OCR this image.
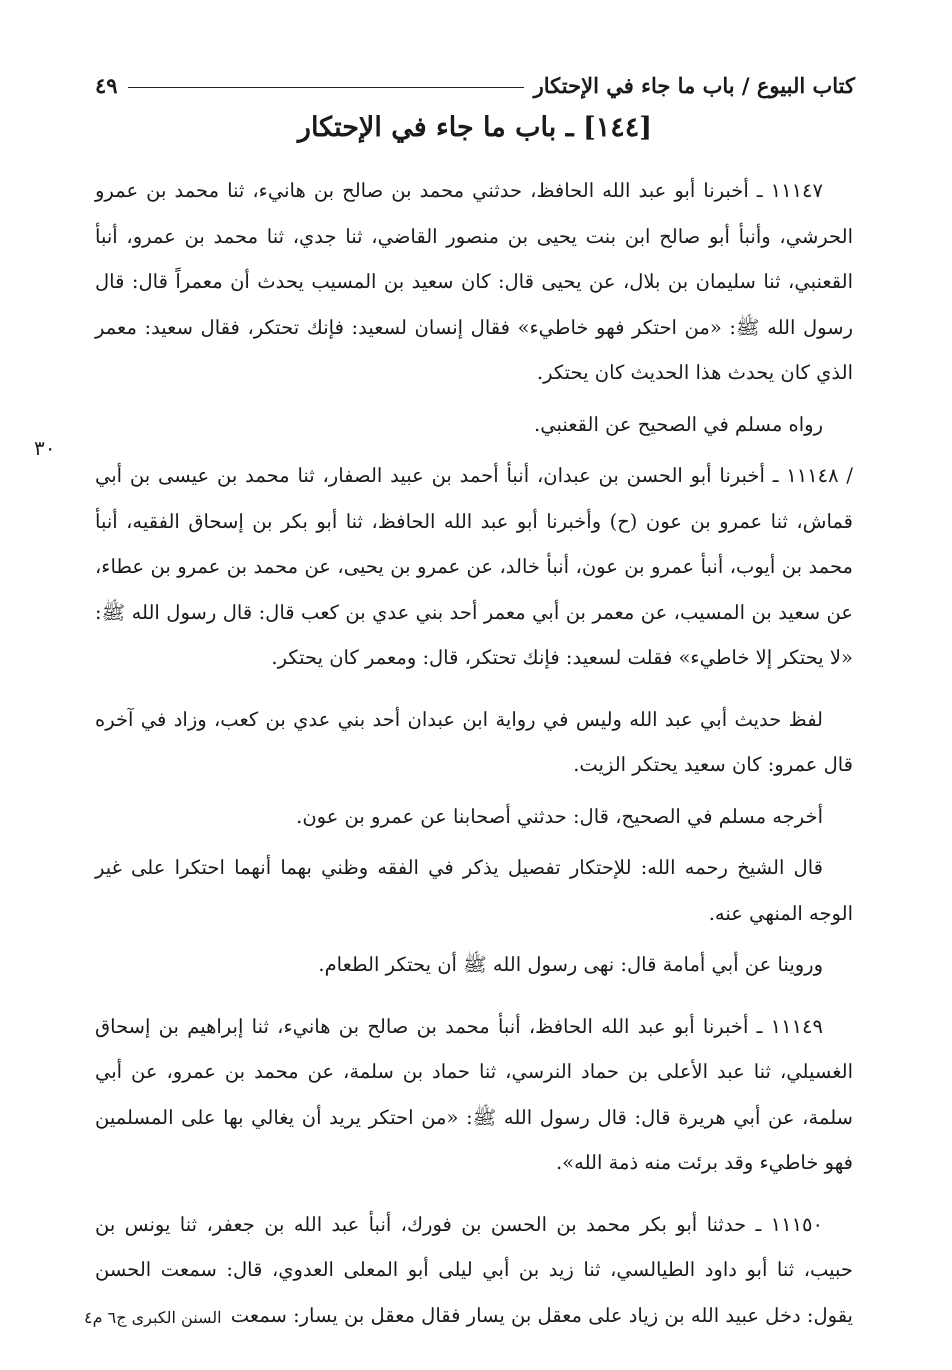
كتاب البيوع / باب ما جاء في الإحتكار
٤٩
[١٤٤] ـ باب ما جاء في الإحتكار
٣٠

١١١٤٧ ـ أخبرنا أبو عبد الله الحافظ، حدثني محمد بن صالح بن هانيء، ثنا محمد بن عمرو الحرشي، وأنبأ أبو صالح ابن بنت يحيى بن منصور القاضي، ثنا جدي، ثنا محمد بن عمرو، أنبأ القعنبي، ثنا سليمان بن بلال، عن يحيى قال: كان سعيد بن المسيب يحدث أن معمراً قال: قال رسول الله ﷺ: «من احتكر فهو خاطيء» فقال إنسان لسعيد: فإنك تحتكر، فقال سعيد: معمر الذي كان يحدث هذا الحديث كان يحتكر.

رواه مسلم في الصحيح عن القعنبي.

/ ١١١٤٨ ـ أخبرنا أبو الحسن بن عبدان، أنبأ أحمد بن عبيد الصفار، ثنا محمد بن عيسى بن أبي قماش، ثنا عمرو بن عون (ح) وأخبرنا أبو عبد الله الحافظ، ثنا أبو بكر بن إسحاق الفقيه، أنبأ محمد بن أيوب، أنبأ عمرو بن عون، أنبأ خالد، عن عمرو بن يحيى، عن محمد بن عمرو بن عطاء، عن سعيد بن المسيب، عن معمر بن أبي معمر أحد بني عدي بن كعب قال: قال رسول الله ﷺ: «لا يحتكر إلا خاطيء» فقلت لسعيد: فإنك تحتكر، قال: ومعمر كان يحتكر.

لفظ حديث أبي عبد الله وليس في رواية ابن عبدان أحد بني عدي بن كعب، وزاد في آخره قال عمرو: كان سعيد يحتكر الزيت.

أخرجه مسلم في الصحيح، قال: حدثني أصحابنا عن عمرو بن عون.

قال الشيخ رحمه الله: للإحتكار تفصيل يذكر في الفقه وظني بهما أنهما احتكرا على غير الوجه المنهي عنه.

وروينا عن أبي أمامة قال: نهى رسول الله ﷺ أن يحتكر الطعام.

١١١٤٩ ـ أخبرنا أبو عبد الله الحافظ، أنبأ محمد بن صالح بن هانيء، ثنا إبراهيم بن إسحاق الغسيلي، ثنا عبد الأعلى بن حماد النرسي، ثنا حماد بن سلمة، عن محمد بن عمرو، عن أبي سلمة، عن أبي هريرة قال: قال رسول الله ﷺ: «من احتكر يريد أن يغالي بها على المسلمين فهو خاطيء وقد برئت منه ذمة الله».

١١١٥٠ ـ حدثنا أبو بكر محمد بن الحسن بن فورك، أنبأ عبد الله بن جعفر، ثنا يونس بن حبيب، ثنا أبو داود الطيالسي، ثنا زيد بن أبي ليلى أبو المعلى العدوي، قال: سمعت الحسن يقول: دخل عبيد الله بن زياد على معقل بن يسار فقال معقل بن يسار: سمعت

السنن الكبرى ج٦ م٤
